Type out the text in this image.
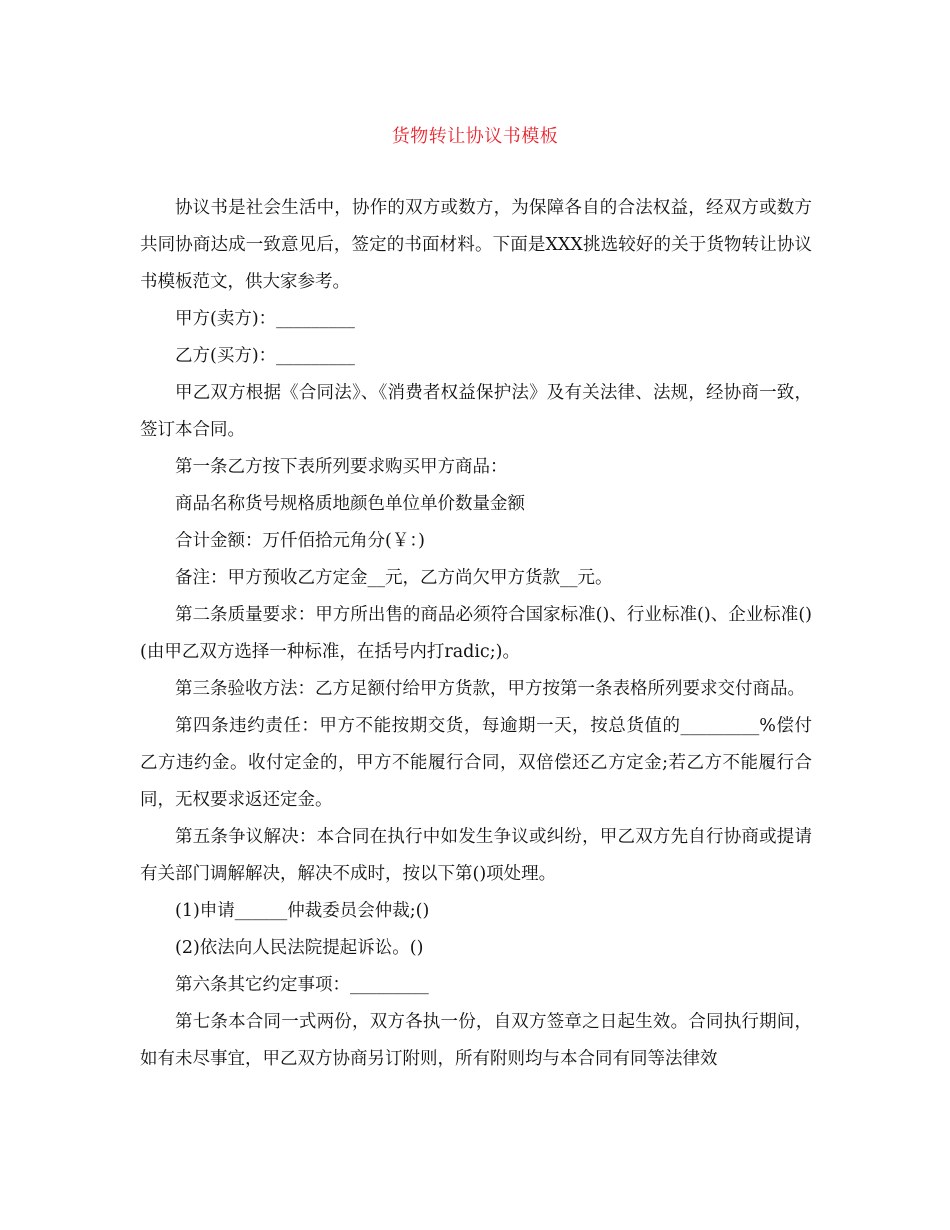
货物转让协议书模板

协议书是社会生活中，协作的双方或数方，为保障各自的合法权益，经双方或数方共同协商达成一致意见后，签定的书面材料。下面是XXX挑选较好的关于货物转让协议书模板范文，供大家参考。

甲方(卖方)：_________

乙方(买方)：_________

甲乙双方根据《合同法》、《消费者权益保护法》及有关法律、法规，经协商一致，签订本合同。

第一条乙方按下表所列要求购买甲方商品：

商品名称货号规格质地颜色单位单价数量金额

合计金额：万仟佰拾元角分(￥：)

备注：甲方预收乙方定金__元，乙方尚欠甲方货款__元。

第二条质量要求：甲方所出售的商品必须符合国家标准()、行业标准()、企业标准()(由甲乙双方选择一种标准，在括号内打radic;)。

第三条验收方法：乙方足额付给甲方货款，甲方按第一条表格所列要求交付商品。

第四条违约责任：甲方不能按期交货，每逾期一天，按总货值的_________%偿付乙方违约金。收付定金的，甲方不能履行合同，双倍偿还乙方定金;若乙方不能履行合同，无权要求返还定金。

第五条争议解决：本合同在执行中如发生争议或纠纷，甲乙双方先自行协商或提请有关部门调解解决，解决不成时，按以下第()项处理。

(1)申请______仲裁委员会仲裁;()

(2)依法向人民法院提起诉讼。()

第六条其它约定事项：_________

第七条本合同一式两份，双方各执一份，自双方签章之日起生效。合同执行期间，如有未尽事宜，甲乙双方协商另订附则，所有附则均与本合同有同等法律效
